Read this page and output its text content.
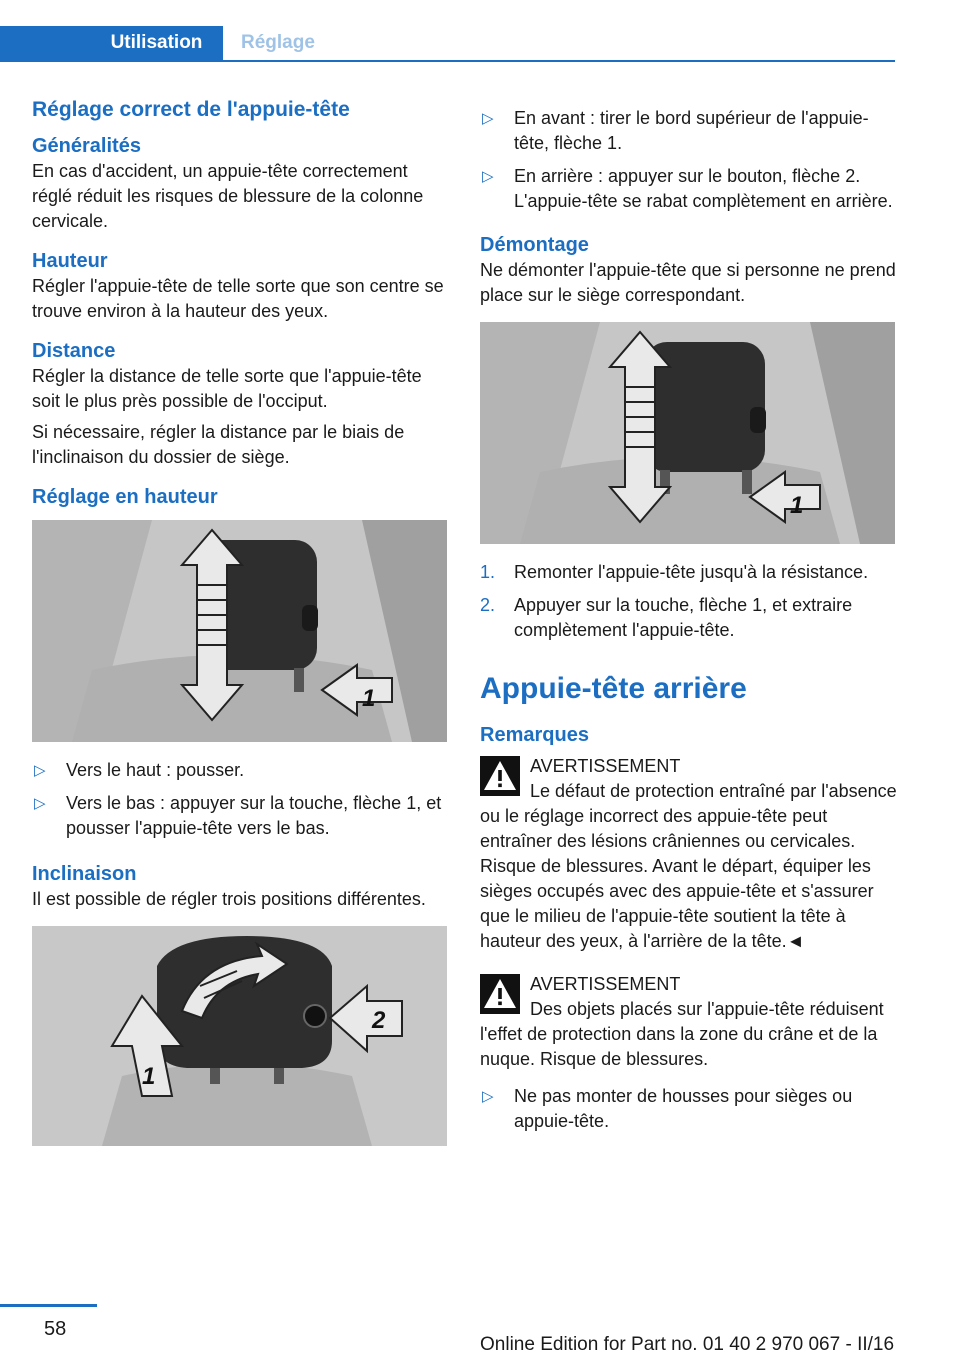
Utilisation	Réglage
Réglage correct de l'appuie-tête
Généralités

En cas d'accident, un appuie-tête correctement réglé réduit les risques de blessure de la colonne cervicale.

Hauteur

Régler l'appuie-tête de telle sorte que son centre se trouve environ à la hauteur des yeux.

Distance

Régler la distance de telle sorte que l'appuie-tête soit le plus près possible de l'occiput.

Si nécessaire, régler la distance par le biais de l'inclinaison du dossier de siège.

Réglage en hauteur
1
▷ Vers le haut : pousser.
▷ Vers le bas : appuyer sur la touche, flèche 1, et pousser l'appuie-tête vers le bas.
Inclinaison

Il est possible de régler trois positions différentes.

1
2
▷ En avant : tirer le bord supérieur de l'appuie-tête, flèche 1.
▷ En arrière : appuyer sur le bouton, flèche 2. L'appuie-tête se rabat complètement en arrière.
Démontage

Ne démonter l'appuie-tête que si personne ne prend place sur le siège correspondant.

1
1. Remonter l'appuie-tête jusqu'à la résistance.
2. Appuyer sur la touche, flèche 1, et extraire complètement l'appuie-tête.
Appuie-tête arrière
Remarques
AVERTISSEMENT
Le défaut de protection entraîné par l'absence ou le réglage incorrect des appuie-tête peut entraîner des lésions crâniennes ou cervicales. Risque de blessures. Avant le départ, équiper les sièges occupés avec des appuie-tête et s'assurer que le milieu de l'appuie-tête soutient la tête à hauteur des yeux, à l'arrière de la tête.◄
AVERTISSEMENT
Des objets placés sur l'appuie-tête réduisent l'effet de protection dans la zone du crâne et de la nuque. Risque de blessures.
▷ Ne pas monter de housses pour sièges ou appuie-tête.
58
Online Edition for Part no. 01 40 2 970 067 - II/16
